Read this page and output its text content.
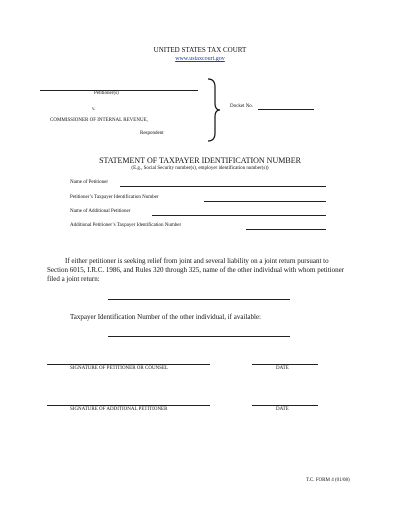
UNITED STATES TAX COURT
www.ustaxcourt.gov
Petitioner(s)
v.
COMMISSIONER OF INTERNAL REVENUE,
Respondent
Docket No.
STATEMENT OF TAXPAYER IDENTIFICATION NUMBER
(E.g., Social Security number(s), employer identification number(s))
Name of Petitioner
Petitioner’s Taxpayer Identification Number
Name of Additional Petitioner
Additional Petitioner’s Taxpayer Identification Number
If either petitioner is seeking relief from joint and several liability on a joint return pursuant to Section 6015, I.R.C. 1986, and Rules 320 through 325, name of the other individual with whom petitioner filed a joint return:
Taxpayer Identification Number of the other individual, if available:
SIGNATURE OF PETITIONER OR COUNSEL	DATE
SIGNATURE OF ADDITIONAL PETITIONER	DATE
T.C. FORM 4 (01/08)
